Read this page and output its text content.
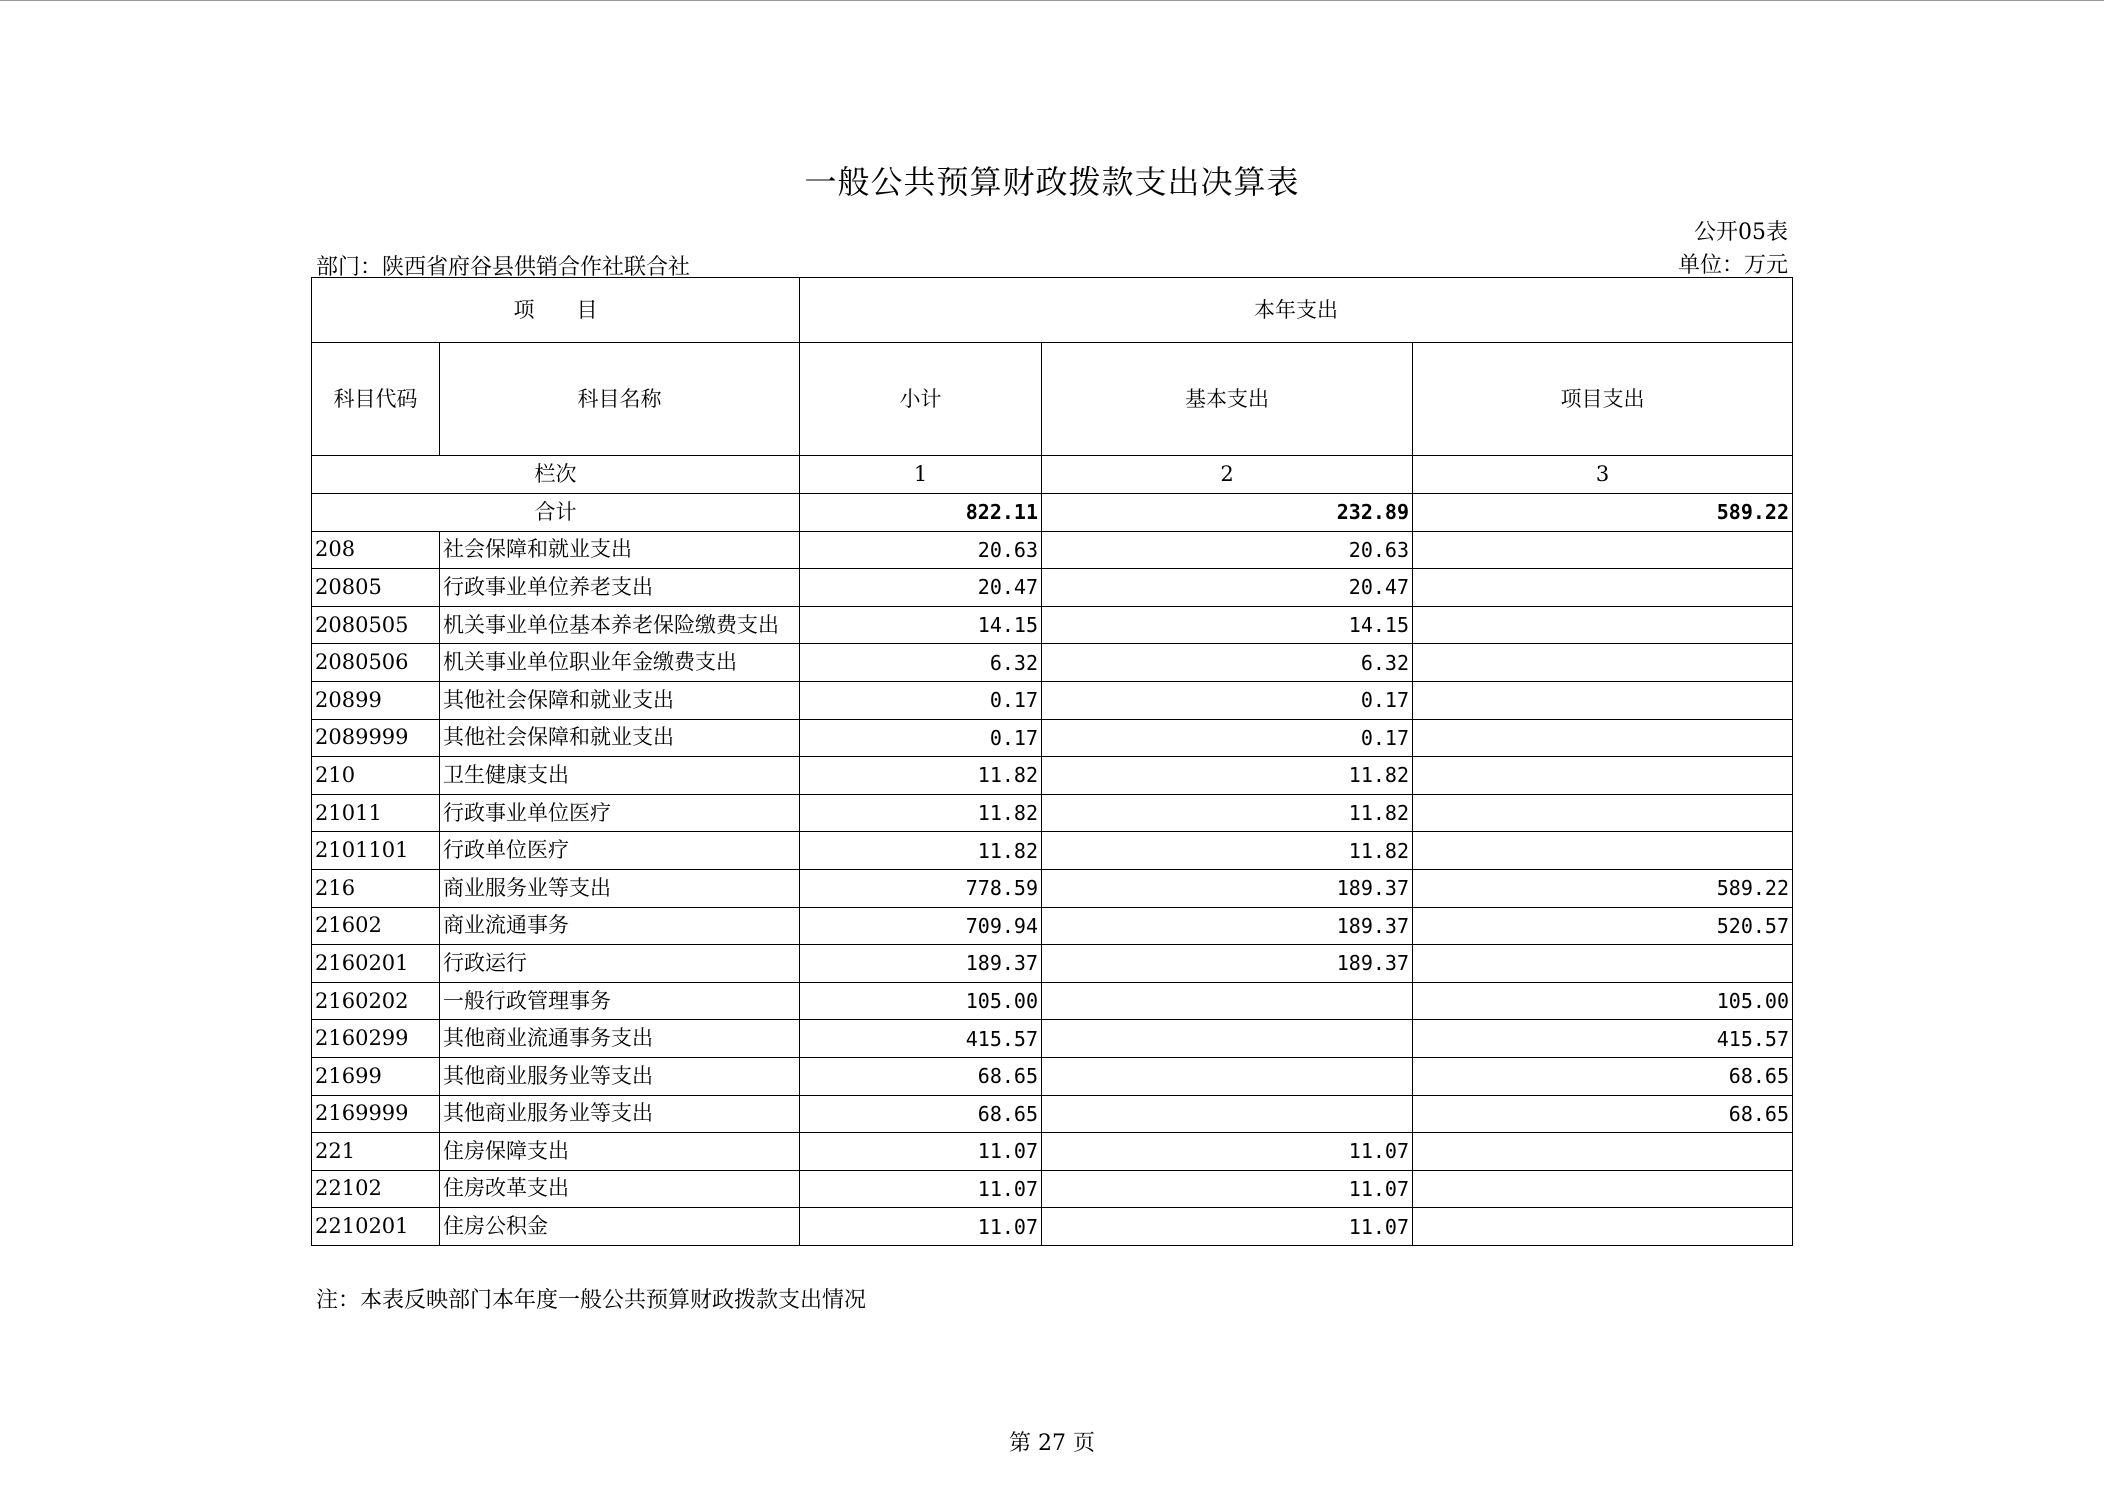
一般公共预算财政拨款支出决算表
公开05表
部门：陕西省府谷县供销合作社联合社	单位：万元
项　　目		本年支出		
科目代码	科目名称	小计	基本支出	项目支出
栏次		1	2	3
合计		822.11	232.89	589.22
208	社会保障和就业支出	20.63	20.63	
20805	行政事业单位养老支出	20.47	20.47	
2080505	机关事业单位基本养老保险缴费支出	14.15	14.15	
2080506	机关事业单位职业年金缴费支出	6.32	6.32	
20899	其他社会保障和就业支出	0.17	0.17	
2089999	其他社会保障和就业支出	0.17	0.17	
210	卫生健康支出	11.82	11.82	
21011	行政事业单位医疗	11.82	11.82	
2101101	行政单位医疗	11.82	11.82	
216	商业服务业等支出	778.59	189.37	589.22
21602	商业流通事务	709.94	189.37	520.57
2160201	行政运行	189.37	189.37	
2160202	一般行政管理事务	105.00		105.00
2160299	其他商业流通事务支出	415.57		415.57
21699	其他商业服务业等支出	68.65		68.65
2169999	其他商业服务业等支出	68.65		68.65
221	住房保障支出	11.07	11.07	
22102	住房改革支出	11.07	11.07	
2210201	住房公积金	11.07	11.07	
注：本表反映部门本年度一般公共预算财政拨款支出情况
第 27 页
